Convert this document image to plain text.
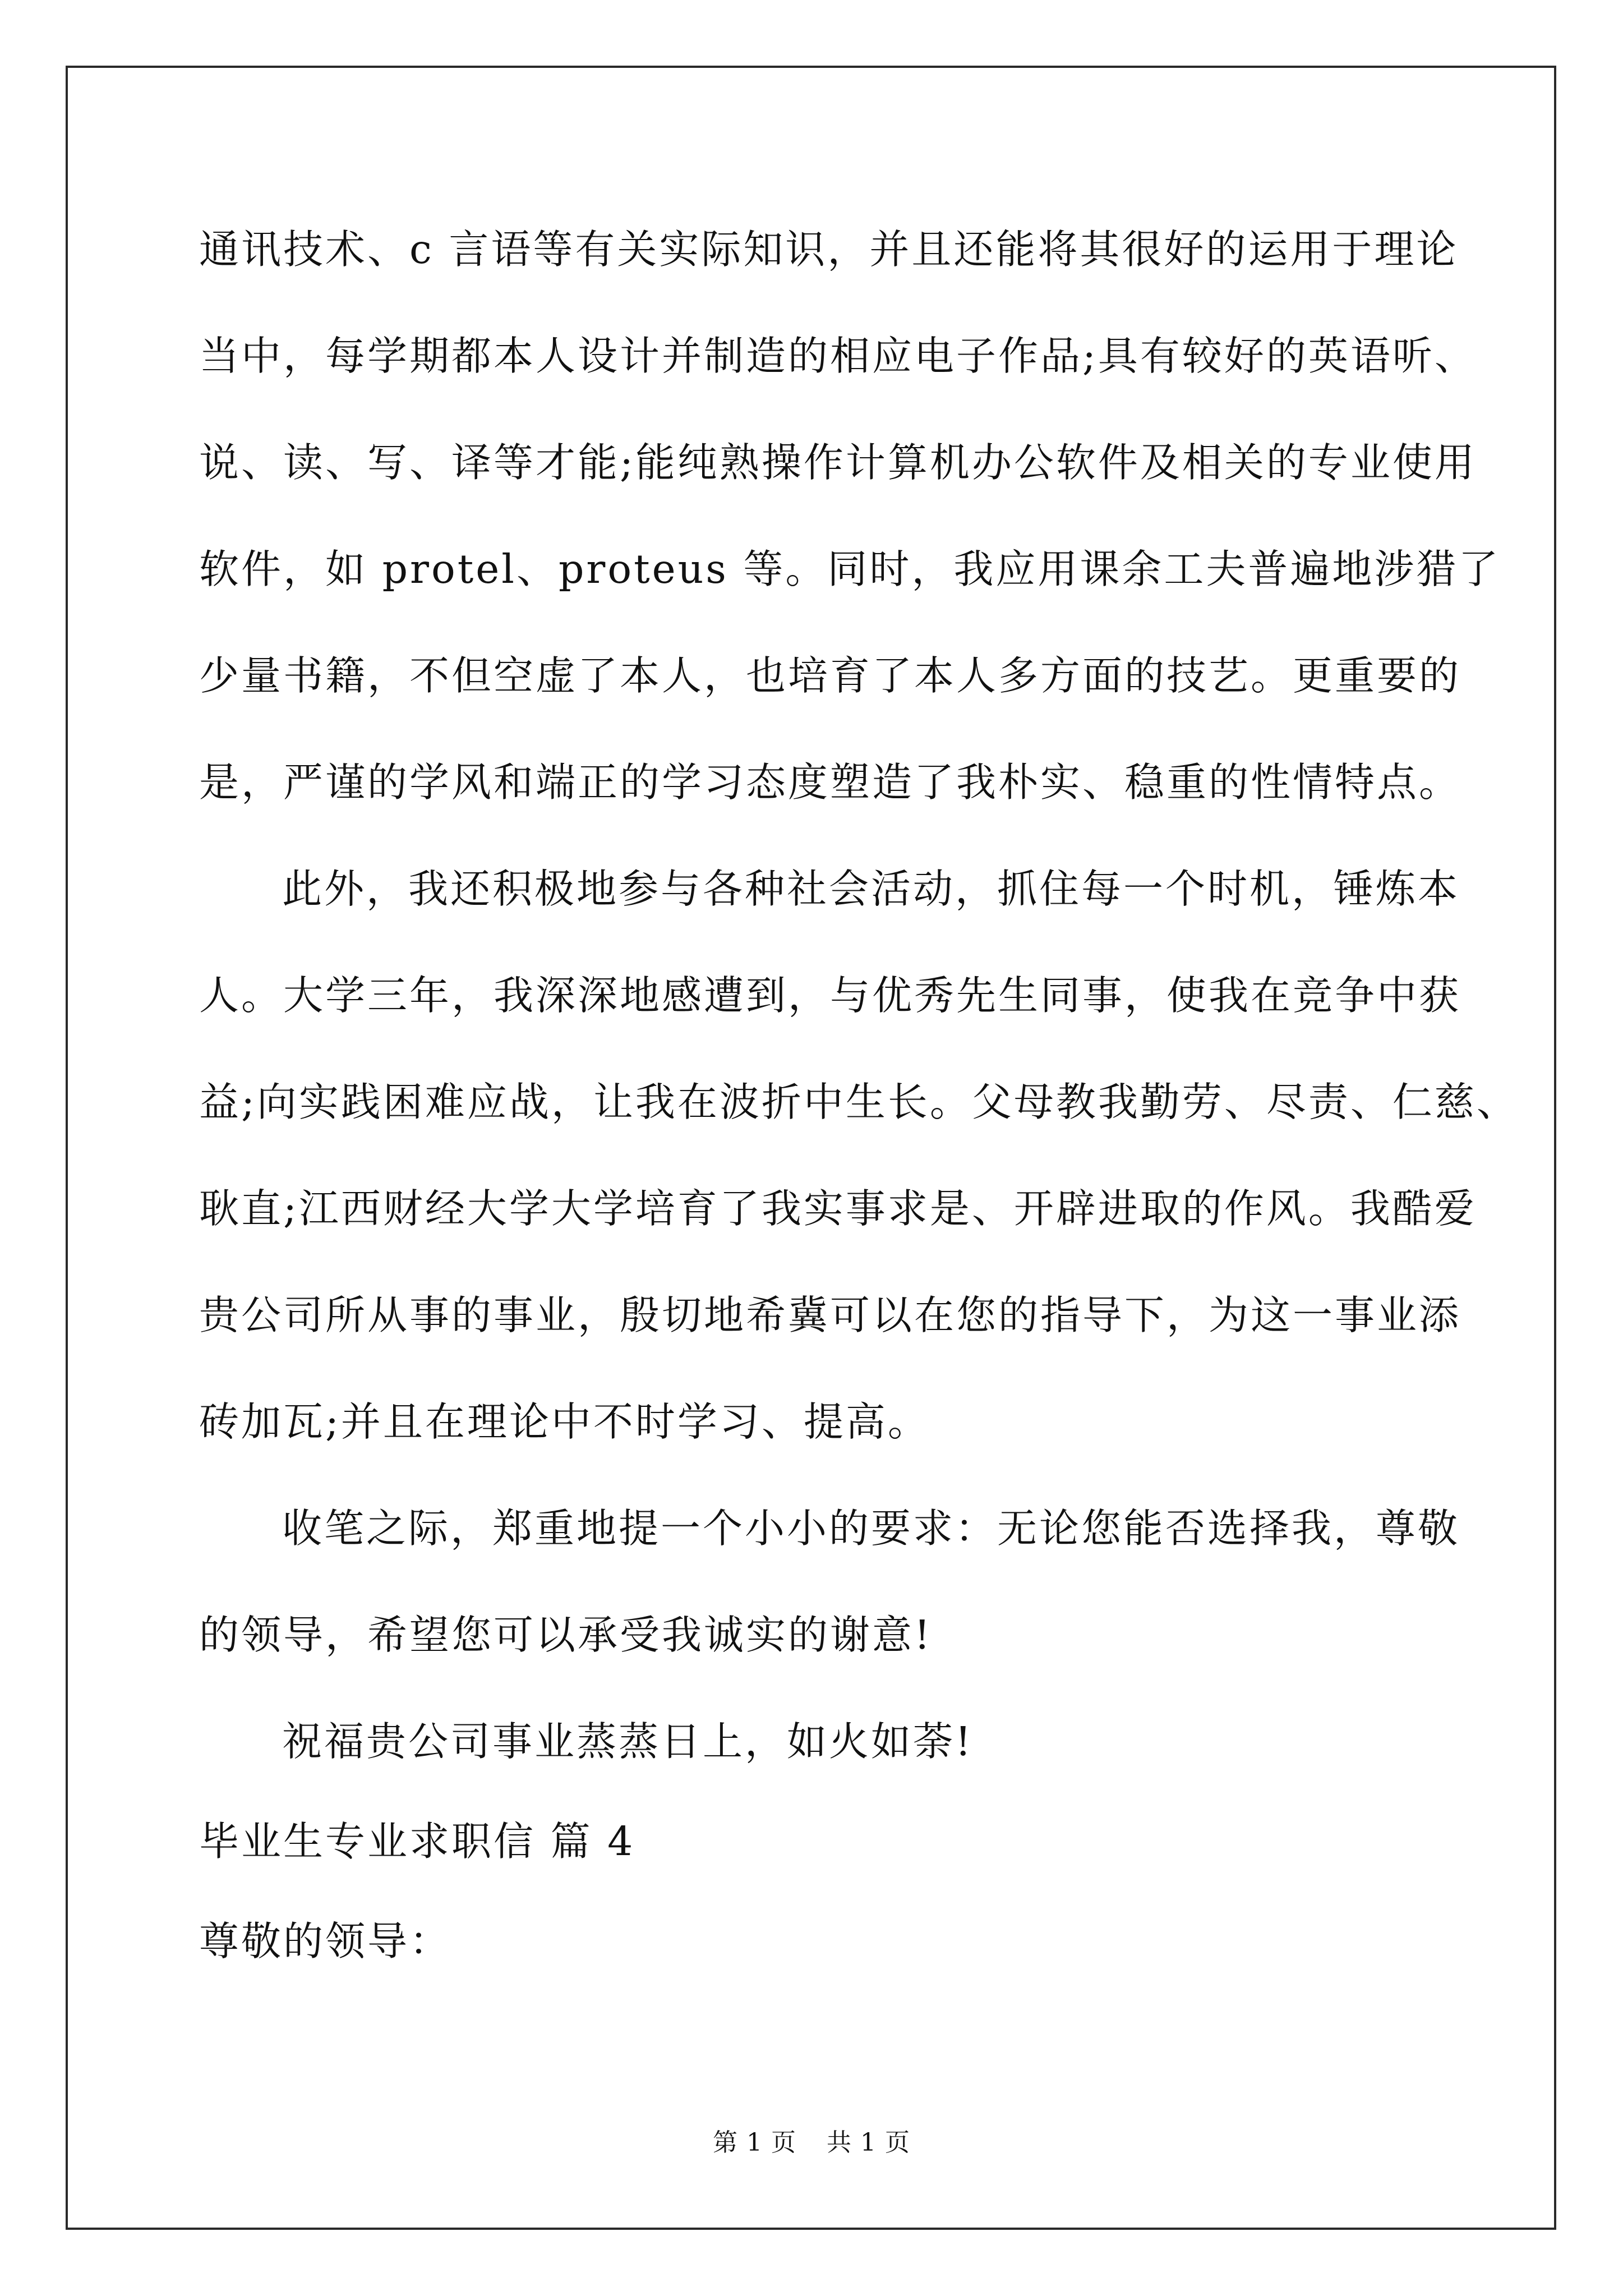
通讯技术、c 言语等有关实际知识，并且还能将其很好的运用于理论
当中，每学期都本人设计并制造的相应电子作品;具有较好的英语听、
说、读、写、译等才能;能纯熟操作计算机办公软件及相关的专业使用
软件，如 protel、proteus 等。同时，我应用课余工夫普遍地涉猎了
少量书籍，不但空虚了本人，也培育了本人多方面的技艺。更重要的
是，严谨的学风和端正的学习态度塑造了我朴实、稳重的性情特点。
此外，我还积极地参与各种社会活动，抓住每一个时机，锤炼本
人。大学三年，我深深地感遭到，与优秀先生同事，使我在竞争中获
益;向实践困难应战，让我在波折中生长。父母教我勤劳、尽责、仁慈、
耿直;江西财经大学大学培育了我实事求是、开辟进取的作风。我酷爱
贵公司所从事的事业，殷切地希冀可以在您的指导下，为这一事业添
砖加瓦;并且在理论中不时学习、提高。
收笔之际，郑重地提一个小小的要求：无论您能否选择我，尊敬
的领导，希望您可以承受我诚实的谢意!
祝福贵公司事业蒸蒸日上，如火如荼!
毕业生专业求职信 篇 4
尊敬的领导：
第 1 页 共 1 页
